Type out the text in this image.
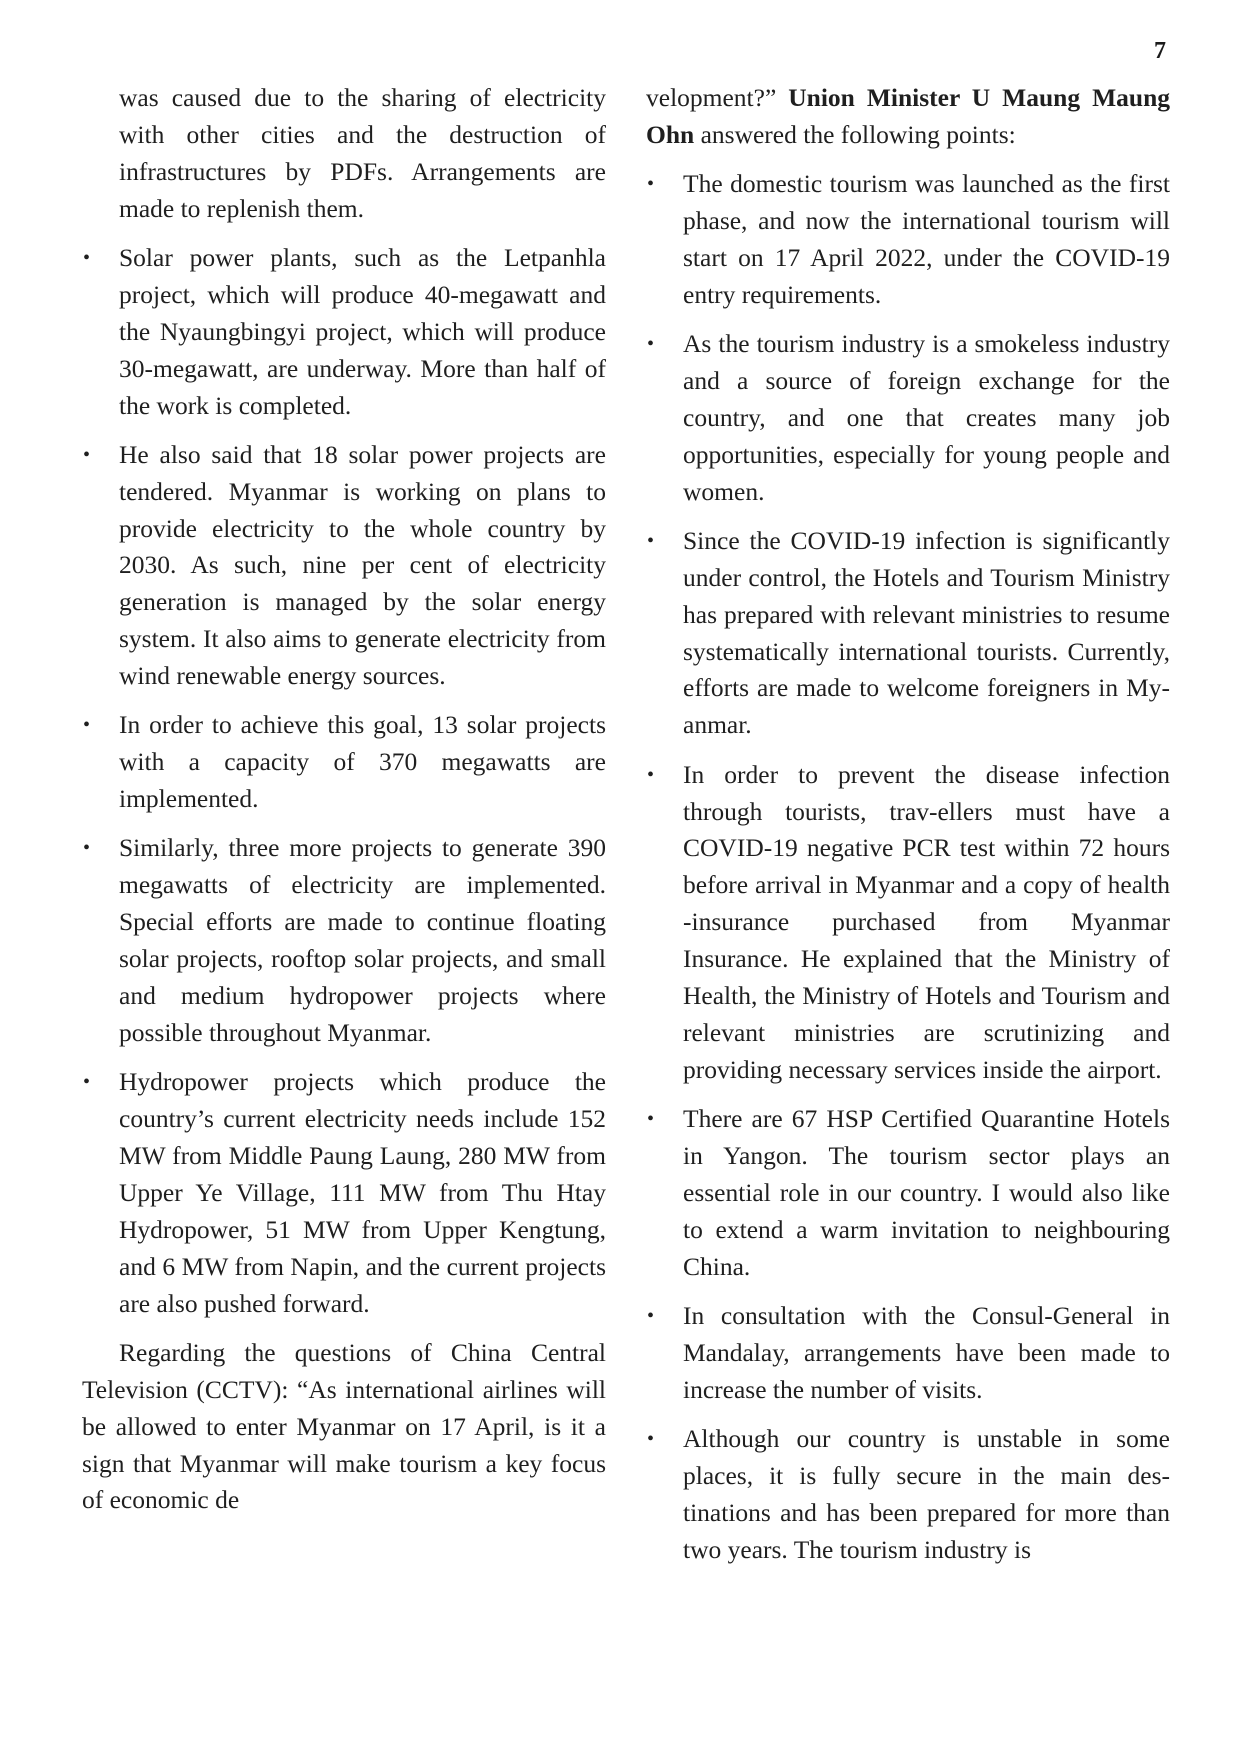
7

was caused due to the sharing of electricity with other cities and the destruction of infrastructures by PDFs. Arrangements are made to replenish them.

• Solar power plants, such as the Letpanhla project, which will produce 40-megawatt and the Nyaungbingyi project, which will produce 30-megawatt, are underway. More than half of the work is completed.
• He also said that 18 solar power projects are tendered. Myanmar is working on plans to provide electricity to the whole country by 2030. As such, nine per cent of electricity generation is managed by the solar energy system. It also aims to generate electricity from wind renewable energy sources.
• In order to achieve this goal, 13 solar projects with a capacity of 370 megawatts are implemented.
• Similarly, three more projects to generate 390 megawatts of electricity are implemented. Special efforts are made to continue floating solar projects, rooftop solar projects, and small and medium hydropower projects where possible throughout Myanmar.
• Hydropower projects which produce the country’s current electricity needs include 152 MW from Middle Paung Laung, 280 MW from Upper Ye Village, 111 MW from Thu Htay Hydropower, 51 MW from Upper Kengtung, and 6 MW from Napin, and the current projects are also pushed forward.

Regarding the questions of China Central Television (CCTV): “As international airlines will be allowed to enter Myanmar on 17 April, is it a sign that Myanmar will make tourism a key focus of economic de

velopment?” Union Minister U Maung Maung Ohn answered the following points:

• The domestic tourism was launched as the first phase, and now the international tourism will start on 17 April 2022, under the COVID-19 entry requirements.
• As the tourism industry is a smokeless industry and a source of foreign exchange for the country, and one that creates many job opportunities, especially for young people and women.
• Since the COVID-19 infection is significantly under control, the Hotels and Tourism Ministry has prepared with relevant ministries to resume systematically international tourists. Currently, efforts are made to welcome foreigners in Myanmar.
• In order to prevent the disease infection through tourists, trav-ellers must have a COVID-19 negative PCR test within 72 hours before arrival in Myanmar and a copy of health -insurance purchased from Myanmar Insurance. He explained that the Ministry of Health, the Ministry of Hotels and Tourism and relevant ministries are scrutinizing and providing necessary services inside the airport.
• There are 67 HSP Certified Quarantine Hotels in Yangon. The tourism sector plays an essential role in our country. I would also like to extend a warm invitation to neighbouring China.
• In consultation with the Consul-General in Mandalay, arrangements have been made to increase the number of visits.
• Although our country is unstable in some places, it is fully secure in the main destinations and has been prepared for more than two years. The tourism industry is
